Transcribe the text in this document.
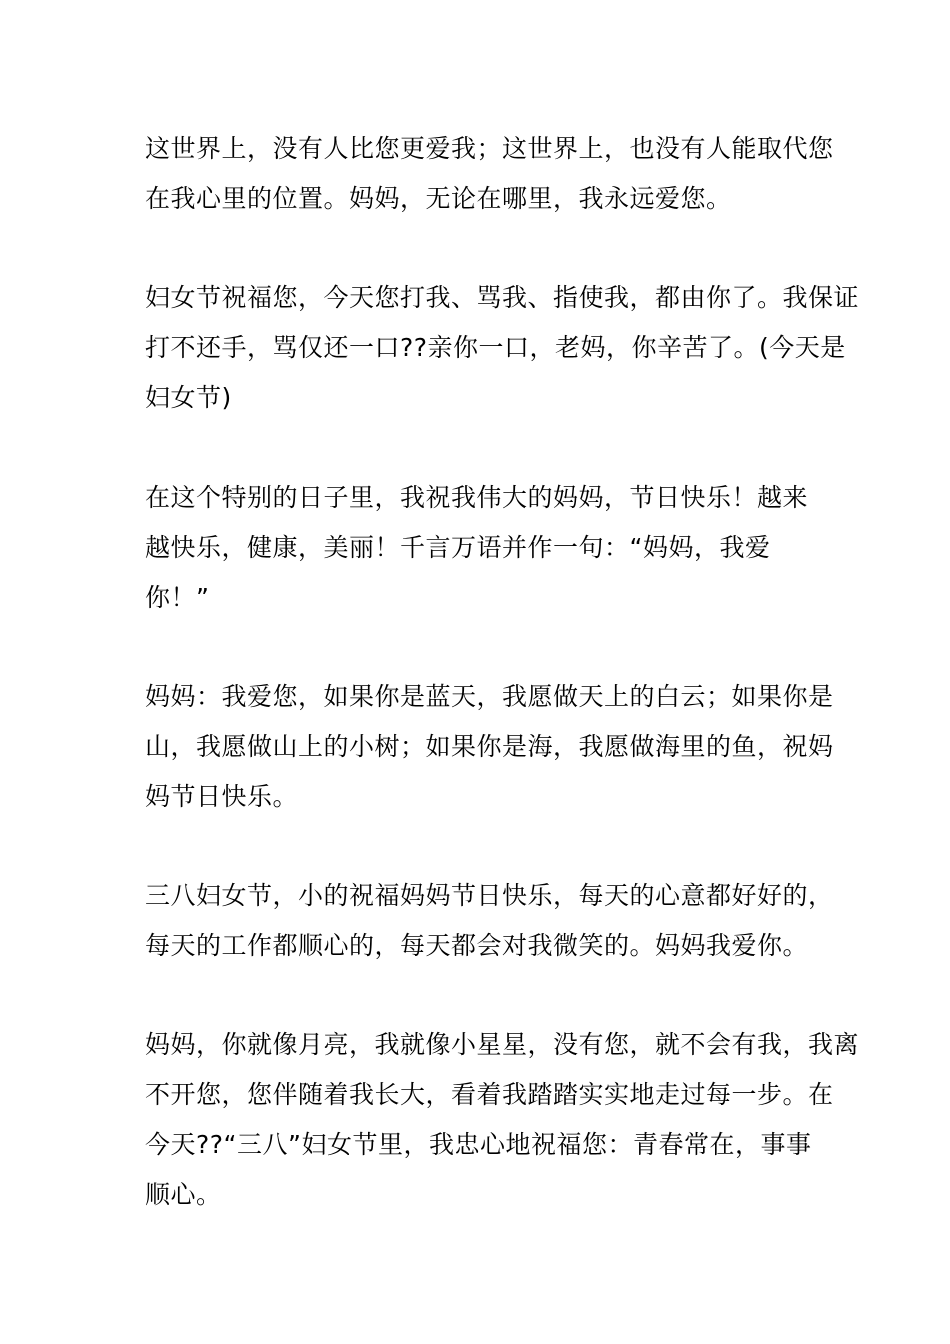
这世界上，没有人比您更爱我；这世界上，也没有人能取代您
在我心里的位置。妈妈，无论在哪里，我永远爱您。

妇女节祝福您，今天您打我、骂我、指使我，都由你了。我保证
打不还手，骂仅还一口??亲你一口，老妈，你辛苦了。(今天是
妇女节)

在这个特别的日子里，我祝我伟大的妈妈，节日快乐！越来
越快乐，健康，美丽！千言万语并作一句：“妈妈，我爱
你！”

妈妈：我爱您，如果你是蓝天，我愿做天上的白云；如果你是
山，我愿做山上的小树；如果你是海，我愿做海里的鱼，祝妈
妈节日快乐。

三八妇女节，小的祝福妈妈节日快乐，每天的心意都好好的，
每天的工作都顺心的，每天都会对我微笑的。妈妈我爱你。

妈妈，你就像月亮，我就像小星星，没有您，就不会有我，我离
不开您，您伴随着我长大，看着我踏踏实实地走过每一步。在
今天??“三八”妇女节里，我忠心地祝福您：青春常在，事事
顺心。
